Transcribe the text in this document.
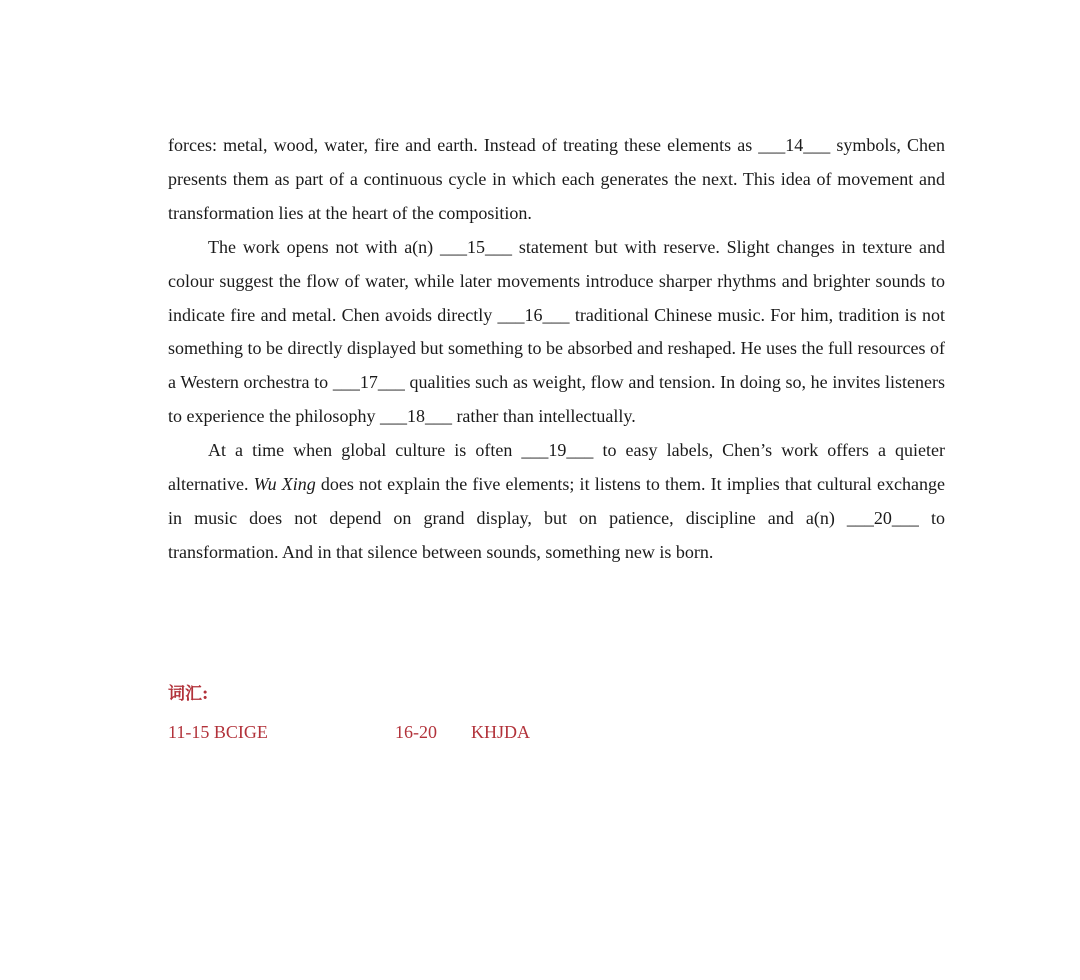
forces: metal, wood, water, fire and earth. Instead of treating these elements as ___14___ symbols, Chen presents them as part of a continuous cycle in which each generates the next. This idea of movement and transformation lies at the heart of the composition.

The work opens not with a(n) ___15___ statement but with reserve. Slight changes in texture and colour suggest the flow of water, while later movements introduce sharper rhythms and brighter sounds to indicate fire and metal. Chen avoids directly ___16___ traditional Chinese music. For him, tradition is not something to be directly displayed but something to be absorbed and reshaped. He uses the full resources of a Western orchestra to ___17___ qualities such as weight, flow and tension. In doing so, he invites listeners to experience the philosophy ___18___ rather than intellectually.

At a time when global culture is often ___19___ to easy labels, Chen’s work offers a quieter alternative. Wu Xing does not explain the five elements; it listens to them. It implies that cultural exchange in music does not depend on grand display, but on patience, discipline and a(n) ___20___ to transformation. And in that silence between sounds, something new is born.

词汇:
11-15 BCIGE	16-20 KHJDA
